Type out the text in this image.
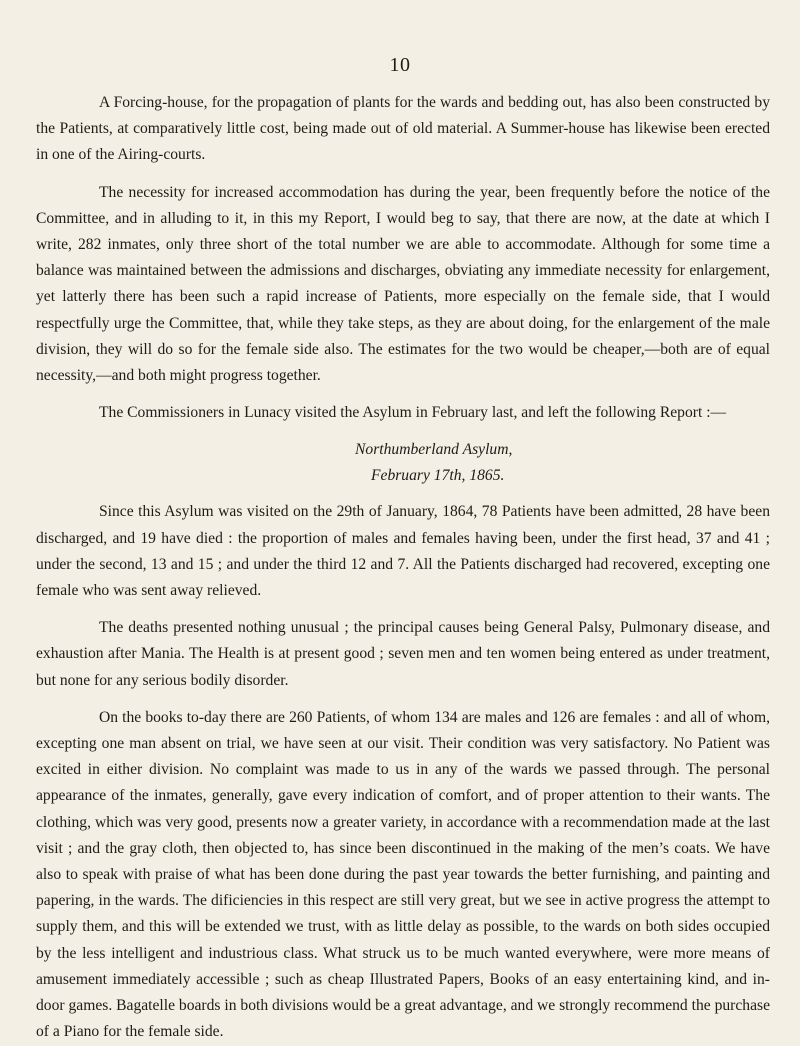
10

A Forcing-house, for the propagation of plants for the wards and bedding out, has also been constructed by the Patients, at comparatively little cost, being made out of old material. A Summer-house has likewise been erected in one of the Airing-courts.

The necessity for increased accommodation has during the year, been frequently before the notice of the Committee, and in alluding to it, in this my Report, I would beg to say, that there are now, at the date at which I write, 282 inmates, only three short of the total number we are able to accommodate. Although for some time a balance was maintained between the admissions and discharges, obviating any immediate necessity for enlargement, yet latterly there has been such a rapid increase of Patients, more especially on the female side, that I would respectfully urge the Committee, that, while they take steps, as they are about doing, for the enlargement of the male division, they will do so for the female side also. The estimates for the two would be cheaper,—both are of equal necessity,—and both might progress together.

The Commissioners in Lunacy visited the Asylum in February last, and left the following Report :—

Northumberland Asylum,
February 17th, 1865.

Since this Asylum was visited on the 29th of January, 1864, 78 Patients have been admitted, 28 have been discharged, and 19 have died : the proportion of males and females having been, under the first head, 37 and 41 ; under the second, 13 and 15 ; and under the third 12 and 7. All the Patients discharged had recovered, excepting one female who was sent away relieved.

The deaths presented nothing unusual ; the principal causes being General Palsy, Pulmonary disease, and exhaustion after Mania. The Health is at present good ; seven men and ten women being entered as under treatment, but none for any serious bodily disorder.

On the books to-day there are 260 Patients, of whom 134 are males and 126 are females : and all of whom, excepting one man absent on trial, we have seen at our visit. Their condition was very satisfactory. No Patient was excited in either division. No complaint was made to us in any of the wards we passed through. The personal appearance of the inmates, generally, gave every indication of comfort, and of proper attention to their wants. The clothing, which was very good, presents now a greater variety, in accordance with a recommendation made at the last visit ; and the gray cloth, then objected to, has since been discontinued in the making of the men’s coats. We have also to speak with praise of what has been done during the past year towards the better furnishing, and painting and papering, in the wards. The dificiencies in this respect are still very great, but we see in active progress the attempt to supply them, and this will be extended we trust, with as little delay as possible, to the wards on both sides occupied by the less intelligent and industrious class. What struck us to be much wanted everywhere, were more means of amusement immediately accessible ; such as cheap Illustrated Papers, Books of an easy entertaining kind, and in-door games. Bagatelle boards in both divisions would be a great advantage, and we strongly recommend the purchase of a Piano for the female side.
